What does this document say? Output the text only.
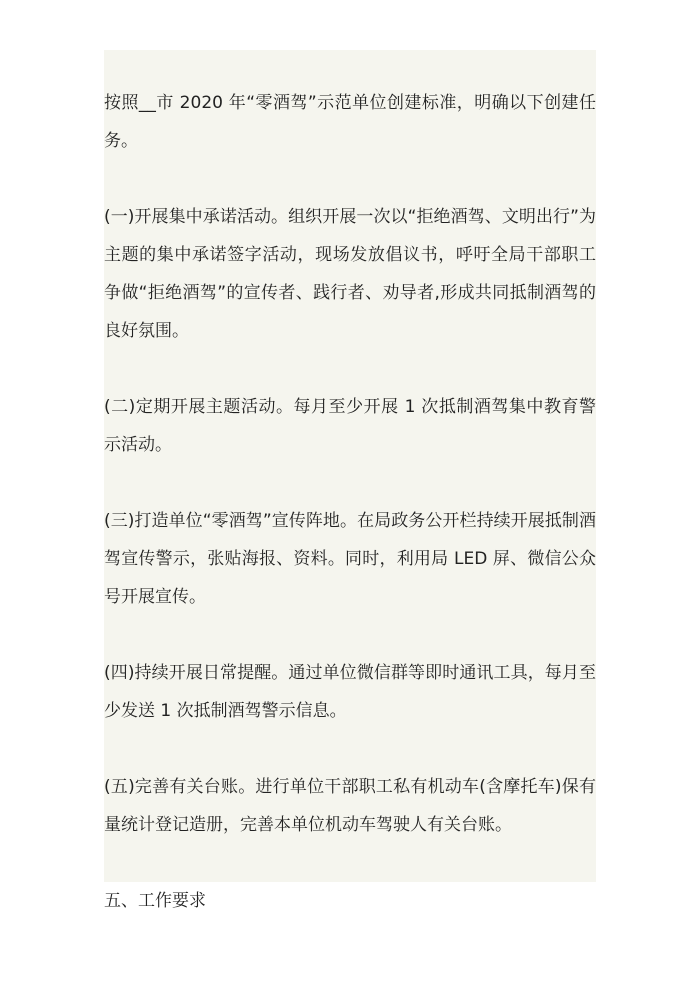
按照__市 2020 年“零酒驾”示范单位创建标准，明确以下创建任务。

(一)开展集中承诺活动。组织开展一次以“拒绝酒驾、文明出行”为主题的集中承诺签字活动，现场发放倡议书，呼吁全局干部职工争做“拒绝酒驾”的宣传者、践行者、劝导者,形成共同抵制酒驾的良好氛围。

(二)定期开展主题活动。每月至少开展 1 次抵制酒驾集中教育警示活动。

(三)打造单位“零酒驾”宣传阵地。在局政务公开栏持续开展抵制酒驾宣传警示，张贴海报、资料。同时，利用局 LED 屏、微信公众号开展宣传。

(四)持续开展日常提醒。通过单位微信群等即时通讯工具，每月至少发送 1 次抵制酒驾警示信息。

(五)完善有关台账。进行单位干部职工私有机动车(含摩托车)保有量统计登记造册，完善本单位机动车驾驶人有关台账。

五、工作要求
